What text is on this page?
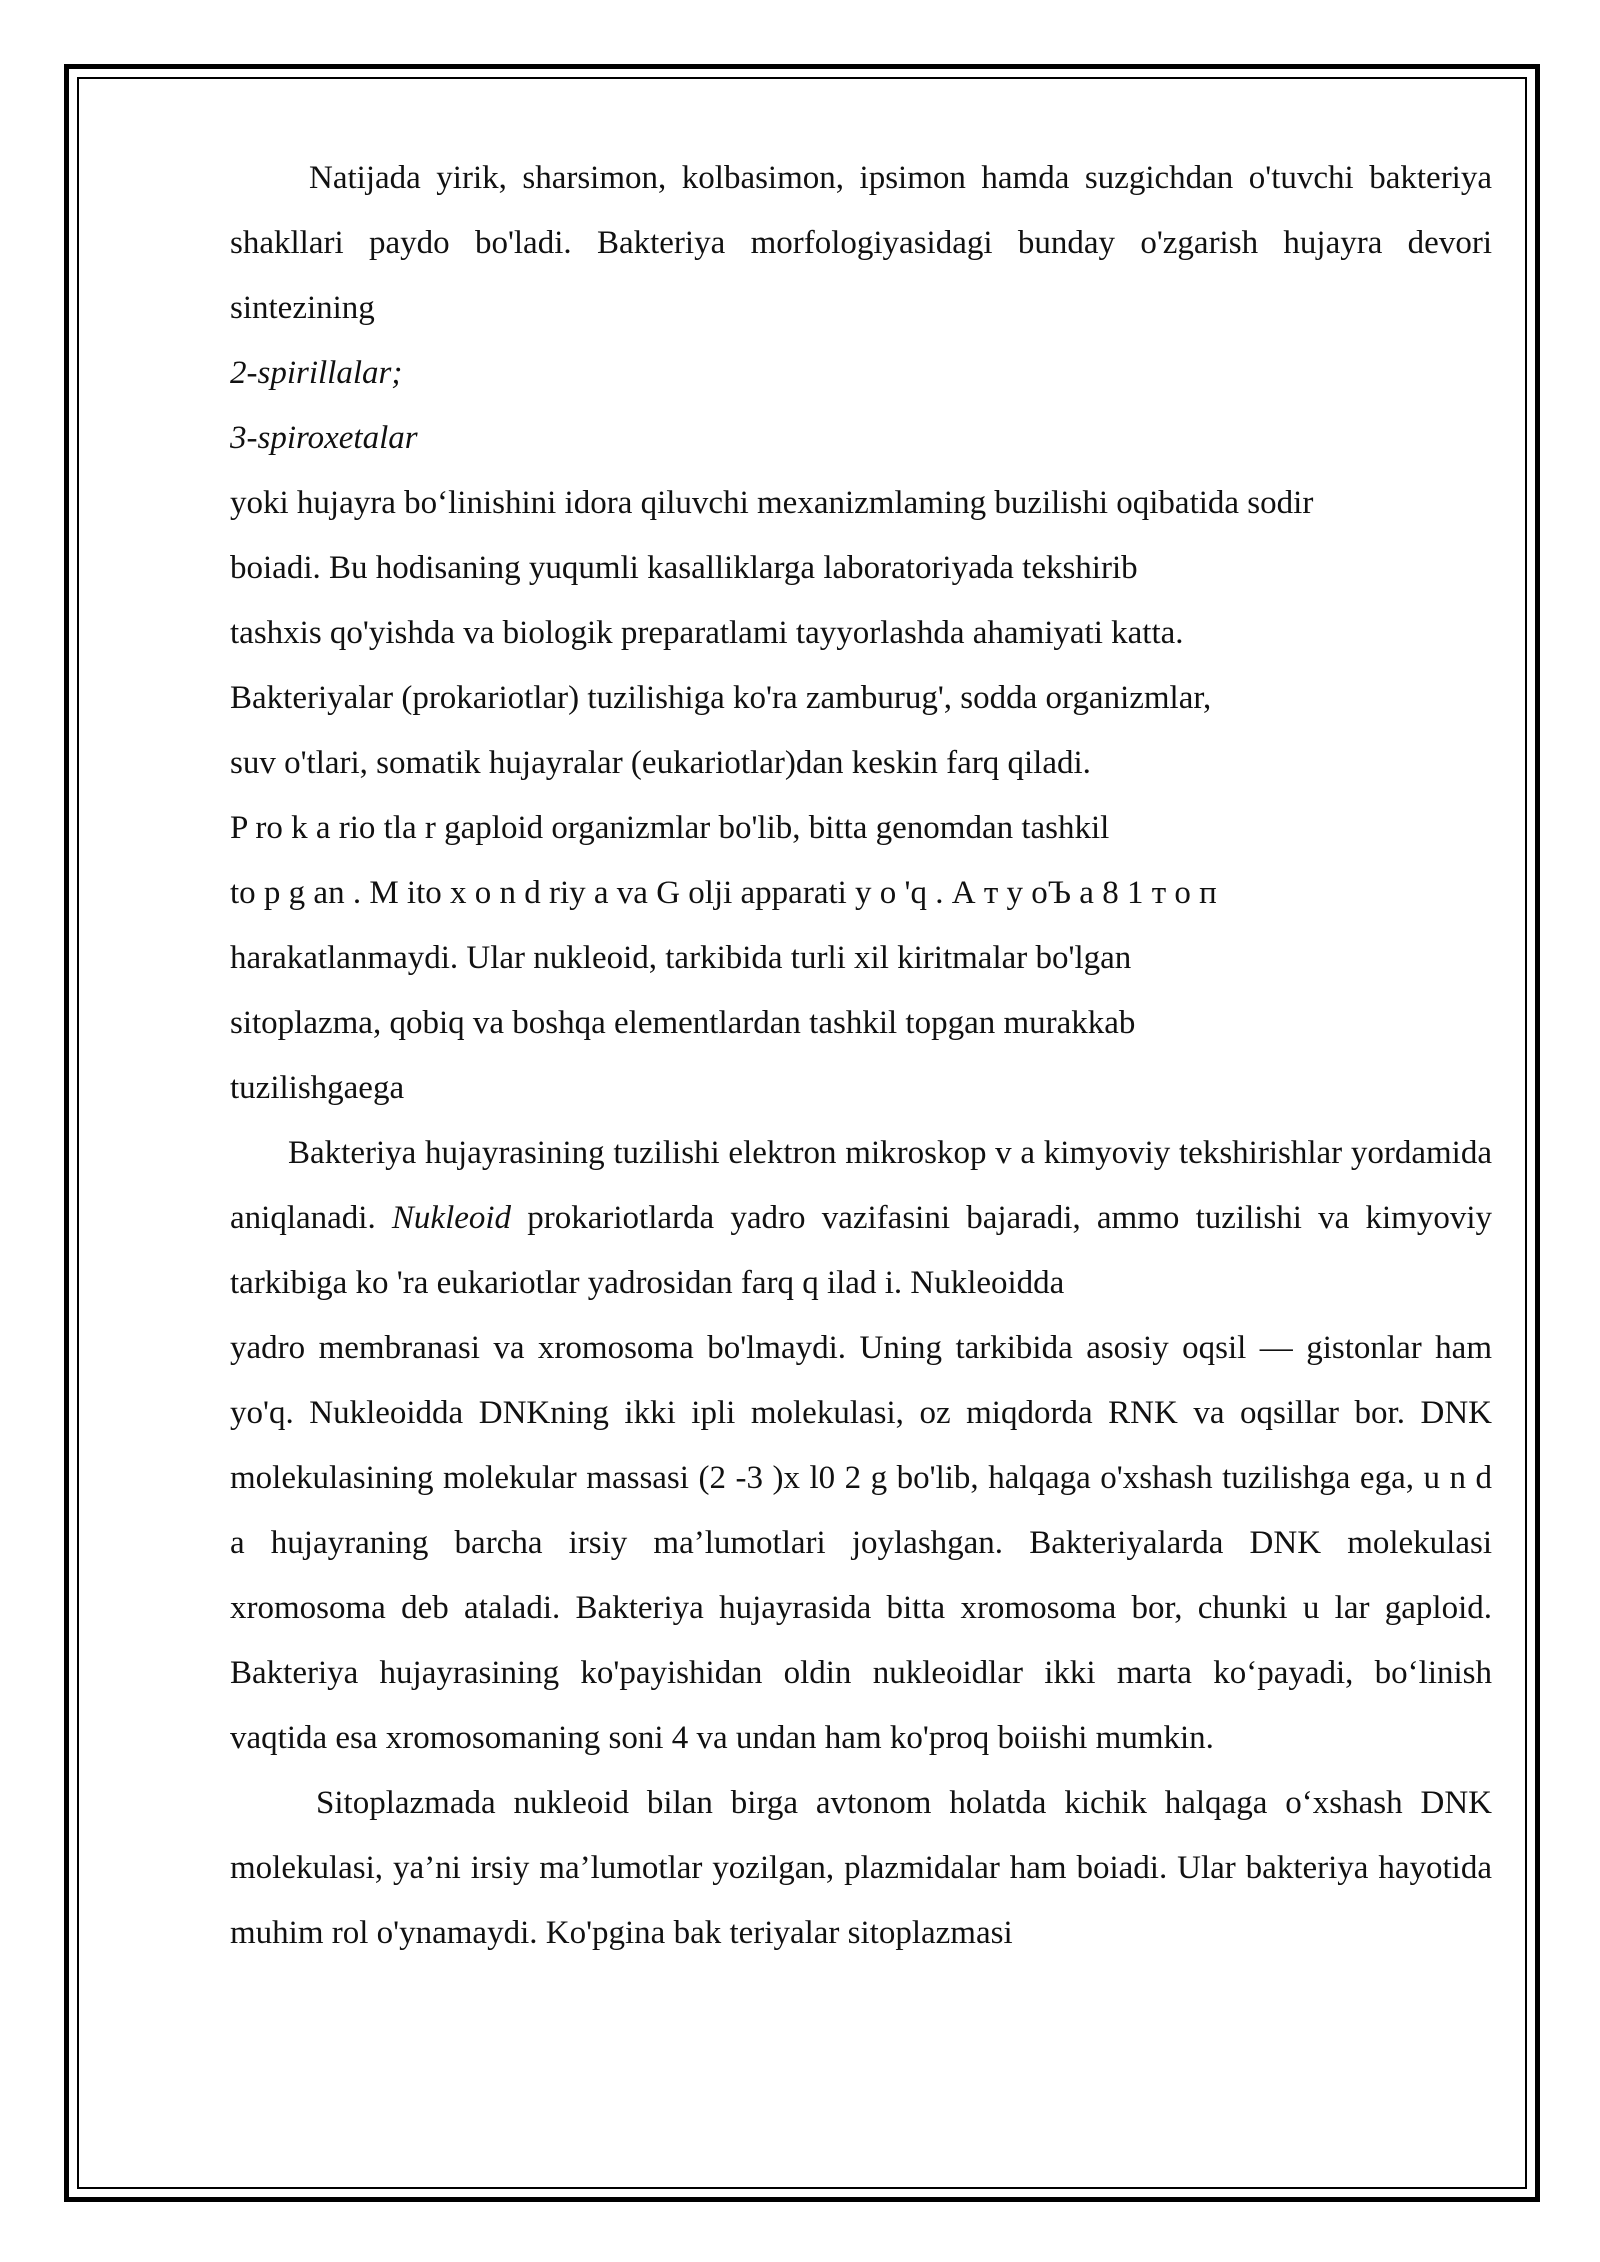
Natijada yirik, sharsimon, kolbasimon, ipsimon hamda suzgichdan o'tuvchi bakteriya shakllari paydo bo'ladi. Bakteriya morfologiyasidagi bunday o'zgarish hujayra devori sintezining

2-spirillalar;

3-spiroxetalar

yoki hujayra bo‘linishini idora qiluvchi mexanizmlaming buzilishi oqibatida sodir

boiadi. Bu hodisaning yuqumli kasalliklarga laboratoriyada tekshirib

tashxis qo'yishda va biologik preparatlami tayyorlashda ahamiyati katta.

Bakteriyalar (prokariotlar) tuzilishiga ko'ra zamburug', sodda organizmlar,

suv o'tlari, somatik hujayralar (eukariotlar)dan keskin farq qiladi.

P ro k a rio tla r gaploid organizmlar bo'lib, bitta genomdan tashkil

to p g an . M ito x o n d riy a va G olji apparati y o 'q . А т у оЪ а 8 1 т о п

harakatlanmaydi. Ular nukleoid, tarkibida turli xil kiritmalar bo'lgan

sitoplazma, qobiq va boshqa elementlardan tashkil topgan murakkab

tuzilishgaega

Bakteriya hujayrasining tuzilishi elektron mikroskop v a kimyoviy tekshirishlar yordamida aniqlanadi. Nukleoid prokariotlarda yadro vazifasini bajaradi, ammo tuzilishi va kimyoviy tarkibiga ko 'ra eukariotlar yadrosidan farq q ilad i. Nukleoidda

yadro membranasi va xromosoma bo'lmaydi. Uning tarkibida asosiy oqsil — gistonlar ham yo'q. Nukleoidda DNKning ikki ipli molekulasi, oz miqdorda RNK va oqsillar bor. DNK molekulasining molekular massasi (2 -3 )x l0 2 g bo'lib, halqaga o'xshash tuzilishga ega, u n d a hujayraning barcha irsiy ma’lumotlari joylashgan. Bakteriyalarda DNK molekulasi xromosoma deb ataladi. Bakteriya hujayrasida bitta xromosoma bor, chunki u lar gaploid. Bakteriya hujayrasining ko'payishidan oldin nukleoidlar ikki marta ko‘payadi, bo‘linish vaqtida esa xromosomaning soni 4 va undan ham ko'proq boiishi mumkin.

Sitoplazmada nukleoid bilan birga avtonom holatda kichik halqaga o‘xshash DNK molekulasi, ya’ni irsiy ma’lumotlar yozilgan, plazmidalar ham boiadi. Ular bakteriya hayotida muhim rol o'ynamaydi. Ko'pgina bak teriyalar sitoplazmasi
